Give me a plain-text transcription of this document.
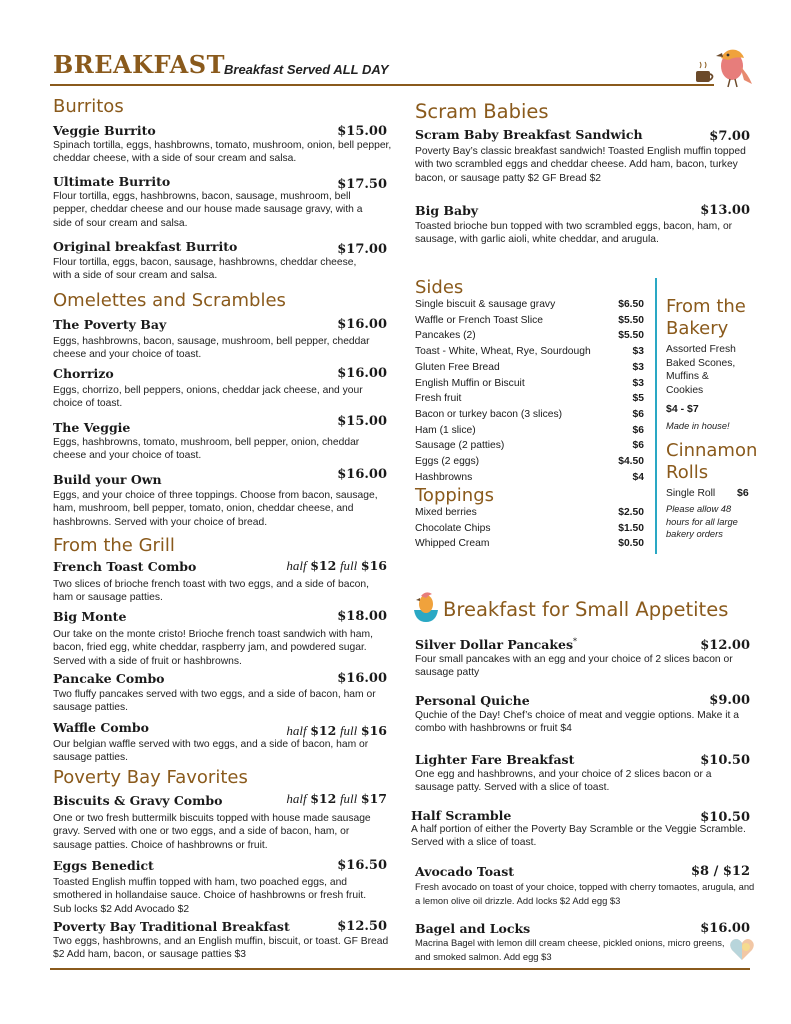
BREAKFAST Breakfast Served ALL DAY
Burritos
Veggie Burrito	$15.00
Spinach tortilla, eggs, hashbrowns, tomato, mushroom, onion, bell pepper, cheddar cheese, with a side of sour cream and salsa.
Ultimate Burrito	$17.50
Flour tortilla, eggs, hashbrowns, bacon, sausage, mushroom, bell pepper, cheddar cheese and our house made sausage gravy, with a side of sour cream and salsa.
Original breakfast Burrito	$17.00
Flour tortilla, eggs, bacon, sausage, hashbrowns, cheddar cheese, with a side of sour cream and salsa.
Omelettes and Scrambles
The Poverty Bay	$16.00
Eggs, hashbrowns, bacon, sausage, mushroom, bell pepper, cheddar cheese and your choice of toast.
Chorrizo	$16.00
Eggs, chorrizo, bell peppers, onions, cheddar jack cheese, and your choice of toast.
The Veggie	$15.00
Eggs, hashbrowns, tomato, mushroom, bell pepper, onion, cheddar cheese and your choice of toast.
Build your Own	$16.00
Eggs, and your choice of three toppings. Choose from bacon, sausage, ham, mushroom, bell pepper, tomato, onion, cheddar cheese, and hashbrowns. Served with your choice of bread.
From the Grill
French Toast Combo	half $12 full $16
Two slices of brioche french toast with two eggs, and a side of bacon, ham or sausage patties.
Big Monte	$18.00
Our take on the monte cristo! Brioche french toast sandwich with ham, bacon, fried egg, white cheddar, raspberry jam, and powdered sugar. Served with a side of fruit or hashbrowns.
Pancake Combo	$16.00
Two fluffy pancakes served with two eggs, and a side of bacon, ham or sausage patties.
Waffle Combo	half $12 full $16
Our belgian waffle served with two eggs, and a side of bacon, ham or sausage patties.
Poverty Bay Favorites
Biscuits & Gravy Combo	half $12 full $17
One or two fresh buttermilk biscuits topped with house made sausage gravy. Served with one or two eggs, and a side of bacon, ham, or sausage patties. Choice of hashbrowns or fruit.
Eggs Benedict	$16.50
Toasted English muffin topped with ham, two poached eggs, and smothered in hollandaise sauce. Choice of hashbrowns or fresh fruit. Sub locks $2 Add Avocado $2
Poverty Bay Traditional Breakfast	$12.50
Two eggs, hashbrowns, and an English muffin, biscuit, or toast. GF Bread $2 Add ham, bacon, or sausage patties $3
Scram Babies
Scram Baby Breakfast Sandwich	$7.00
Poverty Bay’s classic breakfast sandwich! Toasted English muffin topped with two scrambled eggs and cheddar cheese. Add ham, bacon, turkey bacon, or sausage patty $2 GF Bread $2
Big Baby	$13.00
Toasted brioche bun topped with two scrambled eggs, bacon, ham, or sausage, with garlic aioli, white cheddar, and arugula.
Sides
Single biscuit & sausage gravy	$6.50
Waffle or French Toast Slice	$5.50
Pancakes (2)	$5.50
Toast - White, Wheat, Rye, Sourdough	$3
Gluten Free Bread	$3
English Muffin or Biscuit	$3
Fresh fruit	$5
Bacon or turkey bacon (3 slices)	$6
Ham (1 slice)	$6
Sausage (2 patties)	$6
Eggs (2 eggs)	$4.50
Hashbrowns	$4
Toppings
Mixed berries	$2.50
Chocolate Chips	$1.50
Whipped Cream	$0.50
From the
Bakery
Assorted Fresh
Baked Scones,
Muffins &
Cookies
$4 - $7
Made in house!
Cinnamon
Rolls
Single Roll $6
Please allow 48
hours for all large
bakery orders
Breakfast for Small Appetites
Silver Dollar Pancakes*	$12.00
Four small pancakes with an egg and your choice of 2 slices bacon or sausage patty
Personal Quiche	$9.00
Quchie of the Day! Chef’s choice of meat and veggie options. Make it a combo with hashbrowns or fruit $4
Lighter Fare Breakfast	$10.50
One egg and hashbrowns, and your choice of 2 slices bacon or a sausage patty. Served with a slice of toast.
Half Scramble	$10.50
A half portion of either the Poverty Bay Scramble or the Veggie Scramble. Served with a slice of toast.
Avocado Toast	$8 / $12
Fresh avocado on toast of your choice, topped with cherry tomaotes, arugula, and a lemon olive oil drizzle. Add locks $2 Add egg $3
Bagel and Locks	$16.00
Macrina Bagel with lemon dill cream cheese, pickled onions, micro greens, and smoked salmon. Add egg $3
